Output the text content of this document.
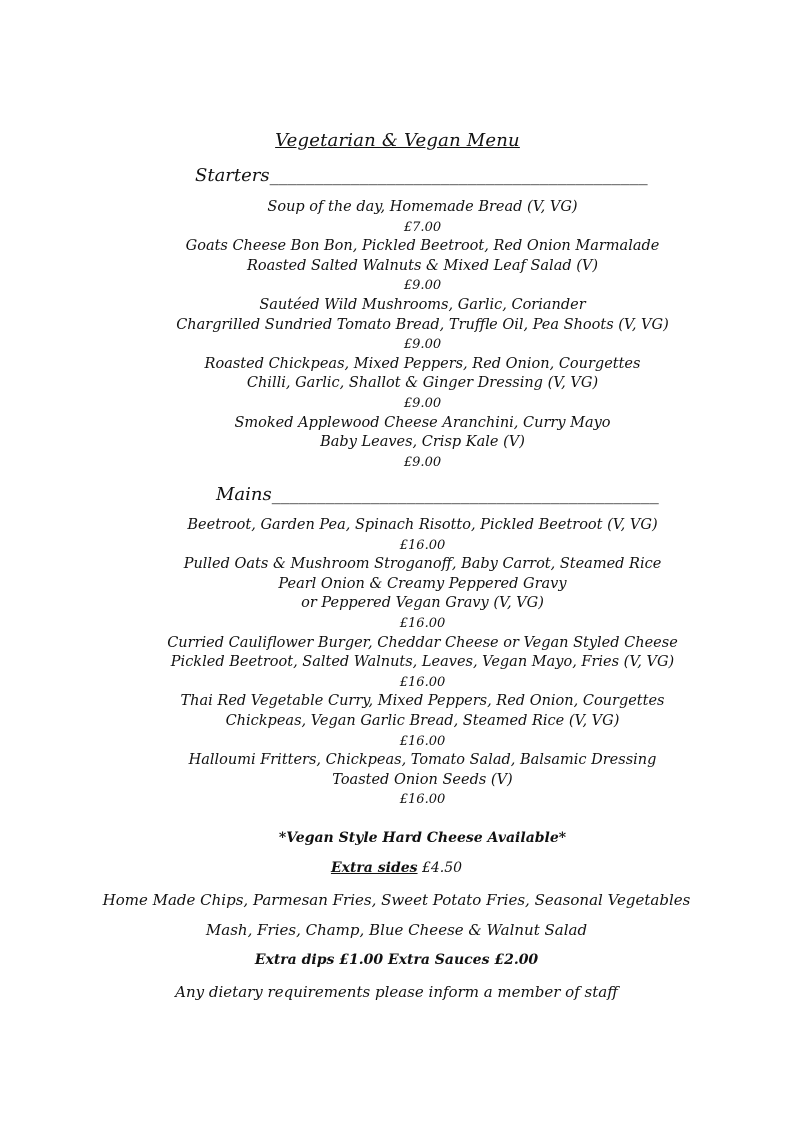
Vegetarian & Vegan Menu
Starters__________________________________________
Soup of the day, Homemade Bread (V, VG)
£7.00
Goats Cheese Bon Bon, Pickled Beetroot, Red Onion Marmalade
Roasted Salted Walnuts & Mixed Leaf Salad (V)
£9.00
Sautéed Wild Mushrooms, Garlic, Coriander
Chargrilled Sundried Tomato Bread, Truffle Oil, Pea Shoots (V, VG)
£9.00
Roasted Chickpeas, Mixed Peppers, Red Onion, Courgettes
Chilli, Garlic, Shallot & Ginger Dressing (V, VG)
£9.00
Smoked Applewood Cheese Aranchini, Curry Mayo
Baby Leaves, Crisp Kale (V)
£9.00
Mains___________________________________________
Beetroot, Garden Pea, Spinach Risotto, Pickled Beetroot (V, VG)
£16.00
Pulled Oats & Mushroom Stroganoff, Baby Carrot, Steamed Rice
Pearl Onion & Creamy Peppered Gravy
or Peppered Vegan Gravy (V, VG)
£16.00
Curried Cauliflower Burger, Cheddar Cheese or Vegan Styled Cheese
Pickled Beetroot, Salted Walnuts, Leaves, Vegan Mayo, Fries (V, VG)
£16.00
Thai Red Vegetable Curry, Mixed Peppers, Red Onion, Courgettes
Chickpeas, Vegan Garlic Bread, Steamed Rice (V, VG)
£16.00
Halloumi Fritters, Chickpeas, Tomato Salad, Balsamic Dressing
Toasted Onion Seeds (V)
£16.00
*Vegan Style Hard Cheese Available*
Extra sides £4.50
Home Made Chips, Parmesan Fries, Sweet Potato Fries, Seasonal Vegetables
Mash, Fries, Champ, Blue Cheese & Walnut Salad
Extra dips £1.00 Extra Sauces £2.00
Any dietary requirements please inform a member of staff
